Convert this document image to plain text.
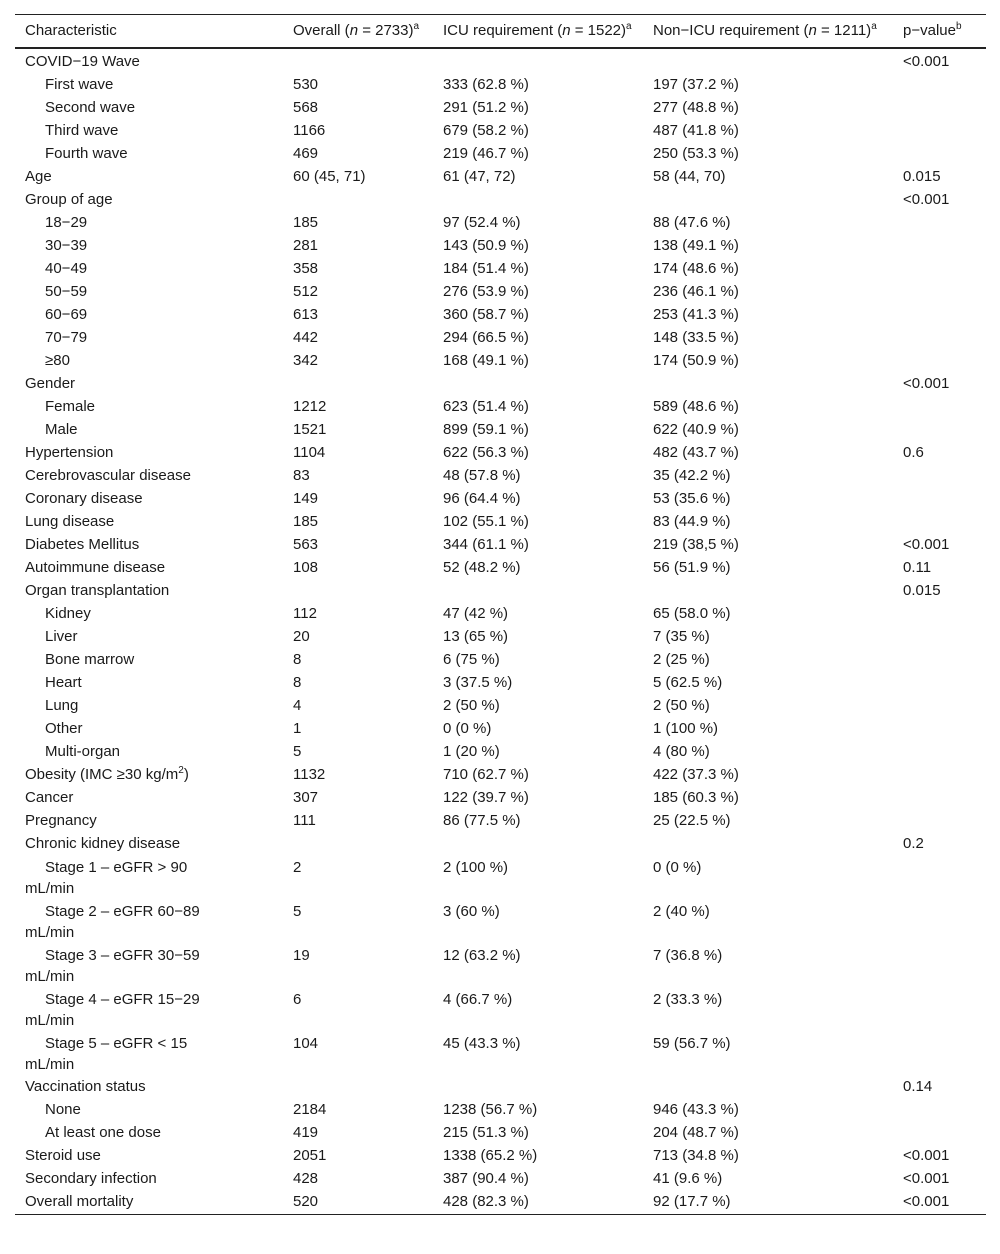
Characteristic	Overall (n = 2733)$^a$	ICU requirement (n = 1522)$^a$	Non−ICU requirement (n = 1211)$^a$	p−value$^b$
COVID−19 Wave				<0.001
First wave	530	333 (62.8 %)	197 (37.2 %)	
Second wave	568	291 (51.2 %)	277 (48.8 %)	
Third wave	1166	679 (58.2 %)	487 (41.8 %)	
Fourth wave	469	219 (46.7 %)	250 (53.3 %)	
Age	60 (45, 71)	61 (47, 72)	58 (44, 70)	0.015
Group of age				<0.001
18−29	185	97 (52.4 %)	88 (47.6 %)	
30−39	281	143 (50.9 %)	138 (49.1 %)	
40−49	358	184 (51.4 %)	174 (48.6 %)	
50−59	512	276 (53.9 %)	236 (46.1 %)	
60−69	613	360 (58.7 %)	253 (41.3 %)	
70−79	442	294 (66.5 %)	148 (33.5 %)	
≥80	342	168 (49.1 %)	174 (50.9 %)	
Gender				<0.001
Female	1212	623 (51.4 %)	589 (48.6 %)	
Male	1521	899 (59.1 %)	622 (40.9 %)	
Hypertension	1104	622 (56.3 %)	482 (43.7 %)	0.6
Cerebrovascular disease	83	48 (57.8 %)	35 (42.2 %)	
Coronary disease	149	96 (64.4 %)	53 (35.6 %)	
Lung disease	185	102 (55.1 %)	83 (44.9 %)	
Diabetes Mellitus	563	344 (61.1 %)	219 (38,5 %)	<0.001
Autoimmune disease	108	52 (48.2 %)	56 (51.9 %)	0.11
Organ transplantation				0.015
Kidney	112	47 (42 %)	65 (58.0 %)	
Liver	20	13 (65 %)	7 (35 %)	
Bone marrow	8	6 (75 %)	2 (25 %)	
Heart	8	3 (37.5 %)	5 (62.5 %)	
Lung	4	2 (50 %)	2 (50 %)	
Other	1	0 (0 %)	1 (100 %)	
Multi-organ	5	1 (20 %)	4 (80 %)	
Obesity (IMC ≥30 $kg/m^2$)	1132	710 (62.7 %)	422 (37.3 %)	
Cancer	307	122 (39.7 %)	185 (60.3 %)	
Pregnancy	111	86 (77.5 %)	25 (22.5 %)	
Chronic kidney disease				0.2
Stage 1 – eGFR > 90
mL/min	2	2 (100 %)	0 (0 %)	
Stage 2 – eGFR 60−89
mL/min	5	3 (60 %)	2 (40 %)	
Stage 3 – eGFR 30−59
mL/min	19	12 (63.2 %)	7 (36.8 %)	
Stage 4 – eGFR 15−29
mL/min	6	4 (66.7 %)	2 (33.3 %)	
Stage 5 – eGFR < 15
mL/min	104	45 (43.3 %)	59 (56.7 %)	
Vaccination status				0.14
None	2184	1238 (56.7 %)	946 (43.3 %)	
At least one dose	419	215 (51.3 %)	204 (48.7 %)	
Steroid use	2051	1338 (65.2 %)	713 (34.8 %)	<0.001
Secondary infection	428	387 (90.4 %)	41 (9.6 %)	<0.001
Overall mortality	520	428 (82.3 %)	92 (17.7 %)	<0.001
